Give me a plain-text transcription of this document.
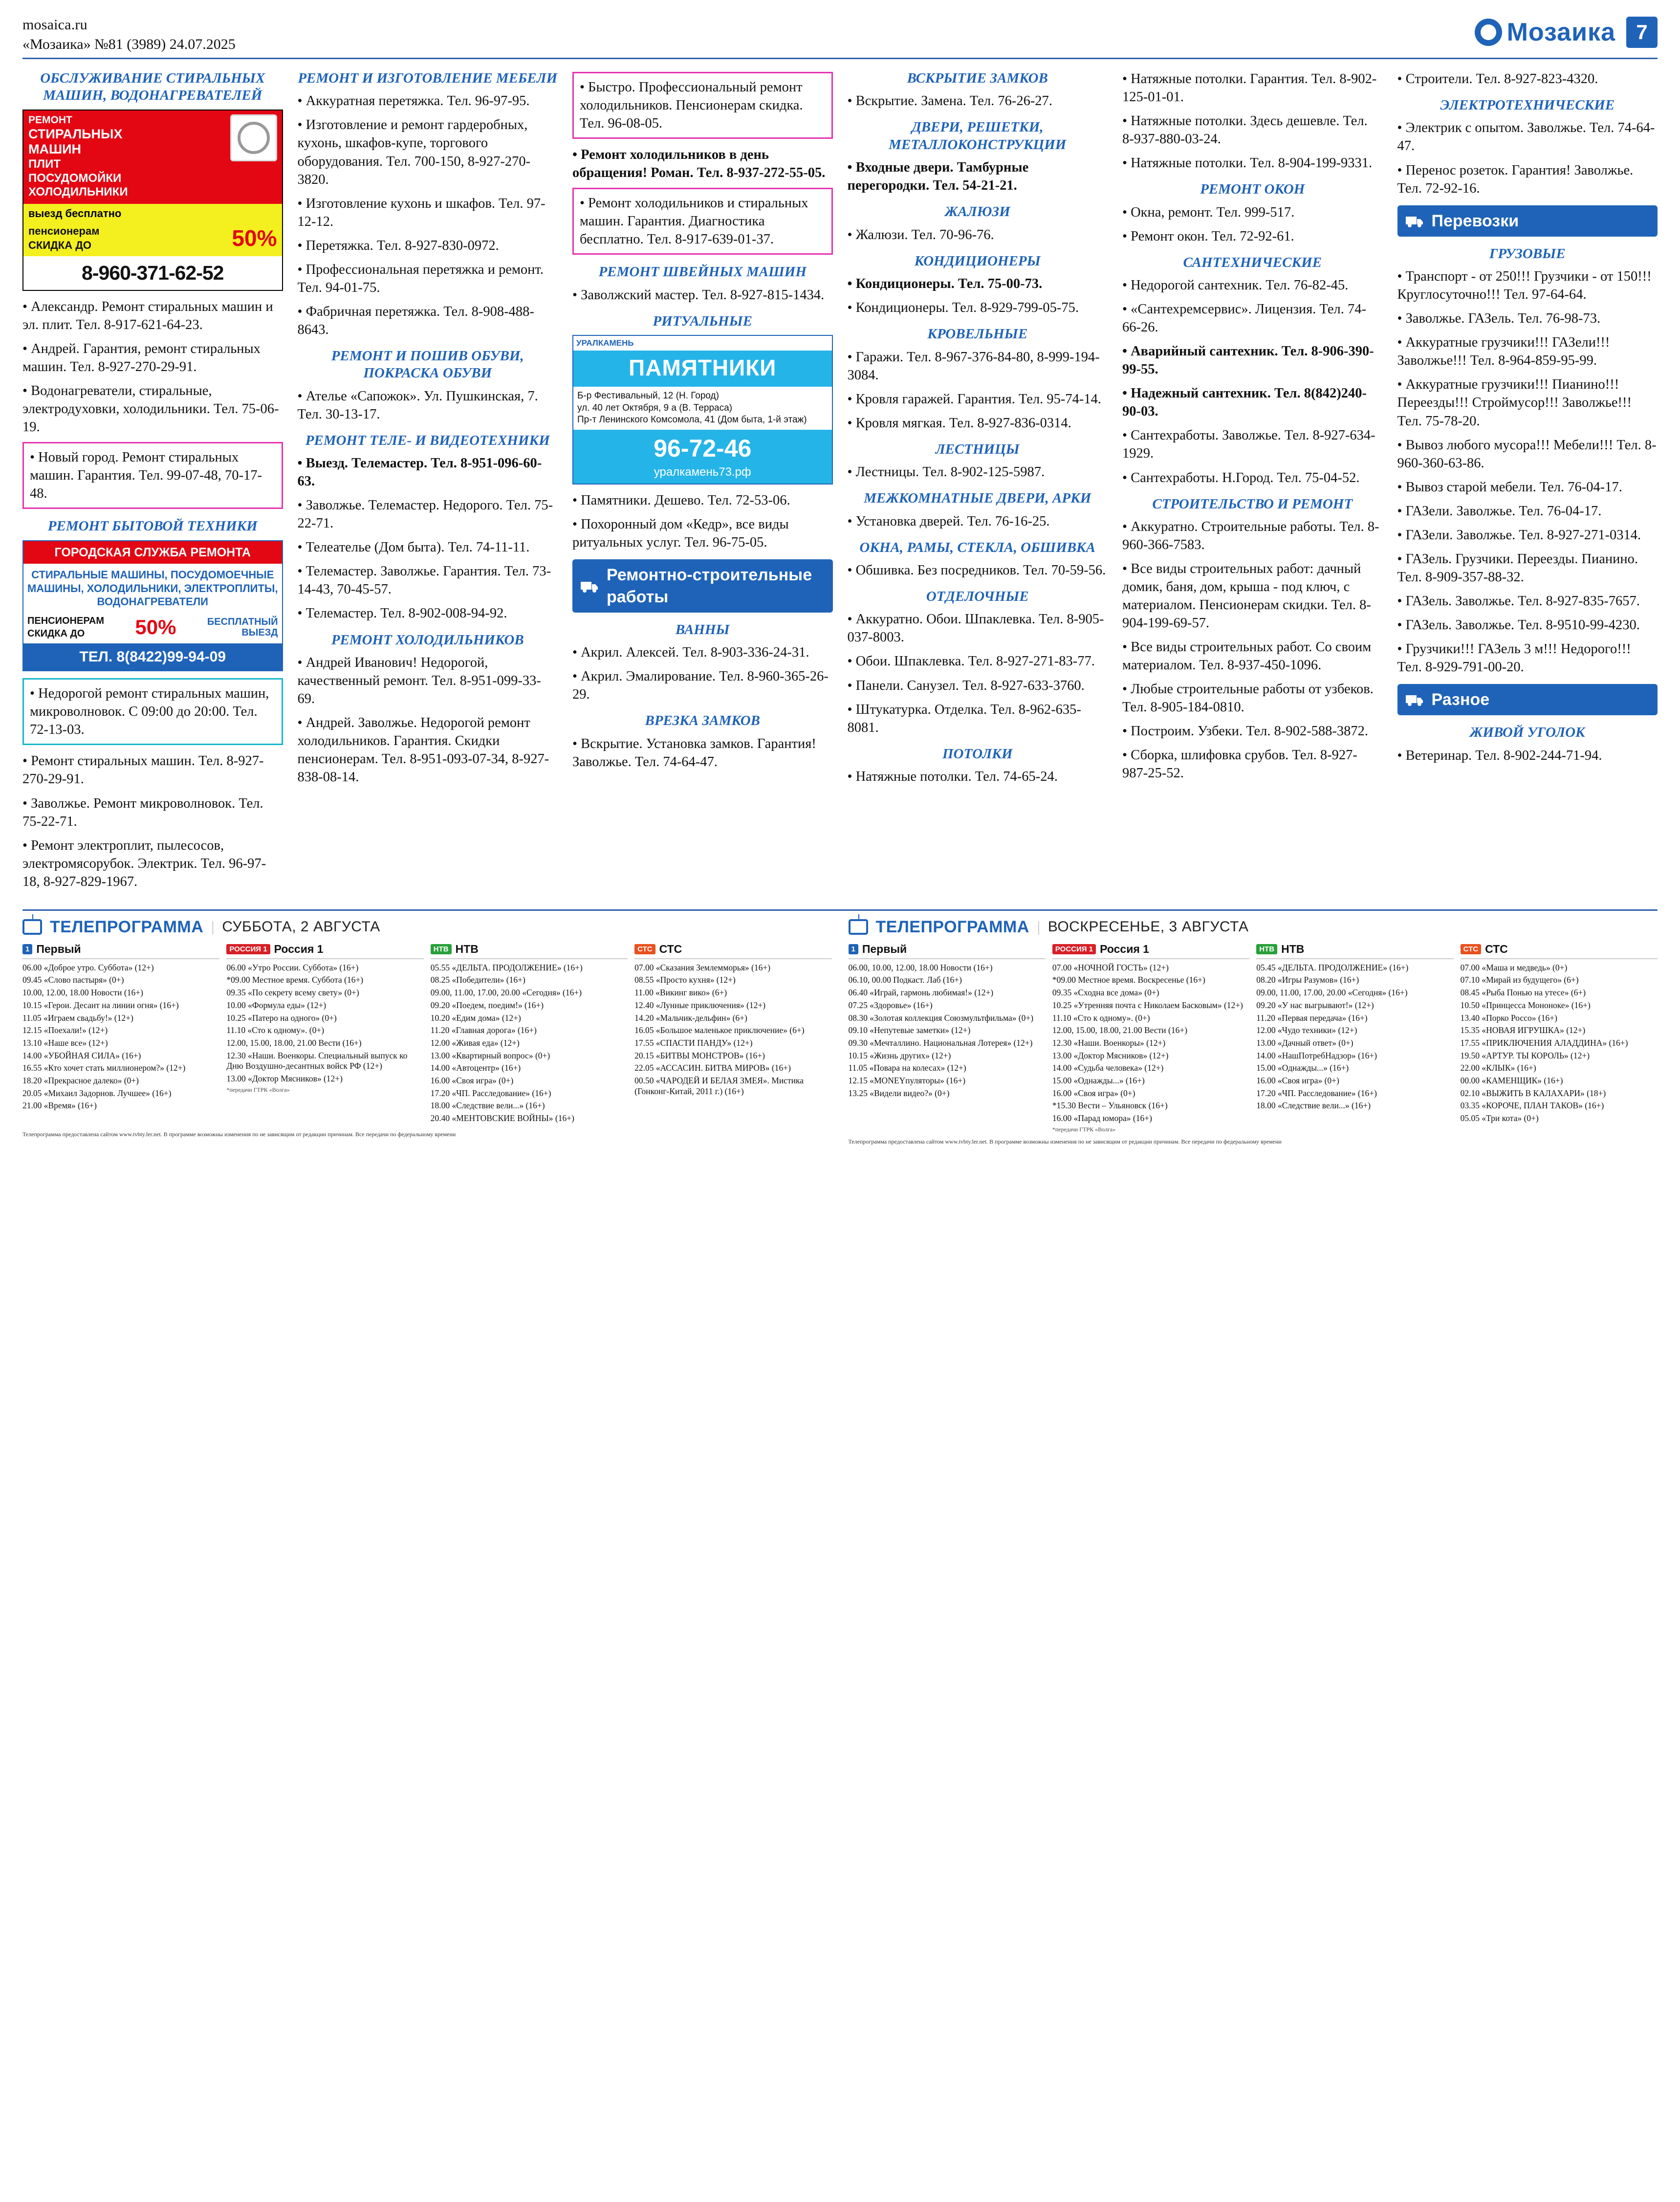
mosaica.ru
«Мозаика» №81 (3989) 24.07.2025	Мозаика	7
ОБСЛУЖИВАНИЕ СТИРАЛЬНЫХ МАШИН, ВОДОНАГРЕВАТЕЛЕЙ
РЕМОНТ
СТИРАЛЬНЫХ
МАШИН
ПЛИТ
ПОСУДОМОЙКИ
ХОЛОДИЛЬНИКИ
выезд бесплатно
пенсионерам
СКИДКА ДО	50%
8-960-371-62-52

• Александр. Ремонт стиральных машин и эл. плит. Тел. 8-917-621-64-23.

• Андрей. Гарантия, ремонт стиральных машин. Тел. 8-927-270-29-91.

• Водонагреватели, стиральные, электродуховки, холодильники. Тел. 75-06-19.

• Новый город. Ремонт стиральных машин. Гарантия. Тел. 99-07-48, 70-17-48.

РЕМОНТ БЫТОВОЙ ТЕХНИКИ
ГОРОДСКАЯ СЛУЖБА РЕМОНТА
СТИРАЛЬНЫЕ МАШИНЫ, ПОСУДОМОЕЧНЫЕ МАШИНЫ, ХОЛОДИЛЬНИКИ, ЭЛЕКТРОПЛИТЫ, ВОДОНАГРЕВАТЕЛИ
ПЕНСИОНЕРАМ
СКИДКА ДО	50%	БЕСПЛАТНЫЙ
ВЫЕЗД
ТЕЛ. 8(8422)99-94-09

• Недорогой ремонт стиральных машин, микроволновок. С 09:00 до 20:00. Тел. 72-13-03.

• Ремонт стиральных машин. Тел. 8-927-270-29-91.

• Заволжье. Ремонт микроволновок. Тел. 75-22-71.

• Ремонт электроплит, пылесосов, электромясорубок. Электрик. Тел. 96-97-18, 8-927-829-1967.

РЕМОНТ И ИЗГОТОВЛЕНИЕ МЕБЕЛИ

• Аккуратная перетяжка. Тел. 96-97-95.

• Изготовление и ремонт гардеробных, кухонь, шкафов-купе, торгового оборудования. Тел. 700-150, 8-927-270-3820.

• Изготовление кухонь и шкафов. Тел. 97-12-12.

• Перетяжка. Тел. 8-927-830-0972.

• Профессиональная перетяжка и ремонт. Тел. 94-01-75.

• Фабричная перетяжка. Тел. 8-908-488-8643.

РЕМОНТ И ПОШИВ ОБУВИ, ПОКРАСКА ОБУВИ

• Ателье «Сапожок». Ул. Пушкинская, 7. Тел. 30-13-17.

РЕМОНТ ТЕЛЕ- И ВИДЕОТЕХНИКИ

• Выезд. Телемастер. Тел. 8-951-096-60-63.

• Заволжье. Телемастер. Недорого. Тел. 75-22-71.

• Телеателье (Дом быта). Тел. 74-11-11.

• Телемастер. Заволжье. Гарантия. Тел. 73-14-43, 70-45-57.

• Телемастер. Тел. 8-902-008-94-92.

РЕМОНТ ХОЛОДИЛЬНИКОВ

• Андрей Иванович! Недорогой, качественный ремонт. Тел. 8-951-099-33-69.

• Андрей. Заволжье. Недорогой ремонт холодильников. Гарантия. Скидки пенсионерам. Тел. 8-951-093-07-34, 8-927-838-08-14.

• Быстро. Профессиональный ремонт холодильников. Пенсионерам скидка. Тел. 96-08-05.

• Ремонт холодильников в день обращения! Роман. Тел. 8-937-272-55-05.

• Ремонт холодильников и стиральных машин. Гарантия. Диагностика бесплатно. Тел. 8-917-639-01-37.

РЕМОНТ ШВЕЙНЫХ МАШИН

• Заволжский мастер. Тел. 8-927-815-1434.

РИТУАЛЬНЫЕ
УРАЛКАМЕНЬ
ПАМЯТНИКИ
Б-р Фестивальный, 12 (Н. Город)
ул. 40 лет Октября, 9 а (В. Терраса)
Пр-т Ленинского Комсомола, 41 (Дом быта, 1-й этаж)
96-72-46
уралкамень73.рф

• Памятники. Дешево. Тел. 72-53-06.

• Похоронный дом «Кедр», все виды ритуальных услуг. Тел. 96-75-05.

Ремонтно-строительные работы
ВАННЫ

• Акрил. Алексей. Тел. 8-903-336-24-31.

• Акрил. Эмалирование. Тел. 8-960-365-26-29.

ВРЕЗКА ЗАМКОВ

• Вскрытие. Установка замков. Гарантия! Заволжье. Тел. 74-64-47.

ВСКРЫТИЕ ЗАМКОВ

• Вскрытие. Замена. Тел. 76-26-27.

ДВЕРИ, РЕШЕТКИ, МЕТАЛЛОКОНСТРУКЦИИ

• Входные двери. Тамбурные перегородки. Тел. 54-21-21.

ЖАЛЮЗИ

• Жалюзи. Тел. 70-96-76.

КОНДИЦИОНЕРЫ

• Кондиционеры. Тел. 75-00-73.

• Кондиционеры. Тел. 8-929-799-05-75.

КРОВЕЛЬНЫЕ

• Гаражи. Тел. 8-967-376-84-80, 8-999-194-3084.

• Кровля гаражей. Гарантия. Тел. 95-74-14.

• Кровля мягкая. Тел. 8-927-836-0314.

ЛЕСТНИЦЫ

• Лестницы. Тел. 8-902-125-5987.

МЕЖКОМНАТНЫЕ ДВЕРИ, АРКИ

• Установка дверей. Тел. 76-16-25.

ОКНА, РАМЫ, СТЕКЛА, ОБШИВКА

• Обшивка. Без посредников. Тел. 70-59-56.

ОТДЕЛОЧНЫЕ

• Аккуратно. Обои. Шпаклевка. Тел. 8-905-037-8003.

• Обои. Шпаклевка. Тел. 8-927-271-83-77.

• Панели. Санузел. Тел. 8-927-633-3760.

• Штукатурка. Отделка. Тел. 8-962-635-8081.

ПОТОЛКИ

• Натяжные потолки. Тел. 74-65-24.

• Натяжные потолки. Гарантия. Тел. 8-902-125-01-01.

• Натяжные потолки. Здесь дешевле. Тел. 8-937-880-03-24.

• Натяжные потолки. Тел. 8-904-199-9331.

РЕМОНТ ОКОН

• Окна, ремонт. Тел. 999-517.

• Ремонт окон. Тел. 72-92-61.

САНТЕХНИЧЕСКИЕ

• Недорогой сантехник. Тел. 76-82-45.

• «Сантехремсервис». Лицензия. Тел. 74-66-26.

• Аварийный сантехник. Тел. 8-906-390-99-55.

• Надежный сантехник. Тел. 8(842)240-90-03.

• Сантехработы. Заволжье. Тел. 8-927-634-1929.

• Сантехработы. Н.Город. Тел. 75-04-52.

СТРОИТЕЛЬСТВО И РЕМОНТ

• Аккуратно. Строительные работы. Тел. 8-960-366-7583.

• Все виды строительных работ: дачный домик, баня, дом, крыша - под ключ, с материалом. Пенсионерам скидки. Тел. 8-904-199-69-57.

• Все виды строительных работ. Со своим материалом. Тел. 8-937-450-1096.

• Любые строительные работы от узбеков. Тел. 8-905-184-0810.

• Построим. Узбеки. Тел. 8-902-588-3872.

• Сборка, шлифовка срубов. Тел. 8-927-987-25-52.

• Строители. Тел. 8-927-823-4320.

ЭЛЕКТРОТЕХНИЧЕСКИЕ

• Электрик с опытом. Заволжье. Тел. 74-64-47.

• Перенос розеток. Гарантия! Заволжье. Тел. 72-92-16.

Перевозки
ГРУЗОВЫЕ

• Транспорт - от 250!!! Грузчики - от 150!!! Круглосуточно!!! Тел. 97-64-64.

• Заволжье. ГАЗель. Тел. 76-98-73.

• Аккуратные грузчики!!! ГАЗели!!! Заволжье!!! Тел. 8-964-859-95-99.

• Аккуратные грузчики!!! Пианино!!! Переезды!!! Строймусор!!! Заволжье!!! Тел. 75-78-20.

• Вывоз любого мусора!!! Мебели!!! Тел. 8-960-360-63-86.

• Вывоз старой мебели. Тел. 76-04-17.

• ГАЗели. Заволжье. Тел. 76-04-17.

• ГАЗели. Заволжье. Тел. 8-927-271-0314.

• ГАЗель. Грузчики. Переезды. Пианино. Тел. 8-909-357-88-32.

• ГАЗель. Заволжье. Тел. 8-927-835-7657.

• ГАЗель. Заволжье. Тел. 8-9510-99-4230.

• Грузчики!!! ГАЗель 3 м!!! Недорого!!! Тел. 8-929-791-00-20.

Разное
ЖИВОЙ УГОЛОК

• Ветеринар. Тел. 8-902-244-71-94.

ТЕЛЕПРОГРАММА | СУББОТА, 2 АВГУСТА
1 Первый
06.00 «Доброе утро. Суббота» (12+)
09.45 «Слово пастыря» (0+)
10.00, 12.00, 18.00 Новости (16+)
10.15 «Герои. Десант на линии огня» (16+)
11.05 «Играем свадьбу!» (12+)
12.15 «Поехали!» (12+)
13.10 «Наше все» (12+)
14.00 «УБОЙНАЯ СИЛА» (16+)
16.55 «Кто хочет стать миллионером?» (12+)
18.20 «Прекрасное далеко» (0+)
20.05 «Михаил Задорнов. Лучшее» (16+)
21.00 «Время» (16+)
РОССИЯ 1 Россия 1
06.00 «Утро России. Суббота» (16+)
*09.00 Местное время. Суббота (16+)
09.35 «По секрету всему свету» (0+)
10.00 «Формула еды» (12+)
10.25 «Патеро на одного» (0+)
11.10 «Сто к одному». (0+)
12.00, 15.00, 18.00, 21.00 Вести (16+)
12.30 «Наши. Военкоры. Специальный выпуск ко Дню Воздушно-десантных войск РФ (12+)
13.00 «Доктор Мясников» (12+)
*передачи ГТРК «Волга»
НТВ НТВ
05.55 «ДЕЛЬТА. ПРОДОЛЖЕНИЕ» (16+)
08.25 «Победители» (16+)
09.00, 11.00, 17.00, 20.00 «Сегодня» (16+)
09.20 «Поедем, поедим!» (16+)
10.20 «Едим дома» (12+)
11.20 «Главная дорога» (16+)
12.00 «Живая еда» (12+)
13.00 «Квартирный вопрос» (0+)
14.00 «Автоцентр» (16+)
16.00 «Своя игра» (0+)
17.20 «ЧП. Расследование» (16+)
18.00 «Следствие вели...» (16+)
20.40 «МЕНТОВСКИЕ ВОЙНЫ» (16+)
СТС СТС
07.00 «Сказания Землемморья» (16+)
08.55 «Просто кухня» (12+)
11.00 «Викинг вико» (6+)
12.40 «Лунные приключения» (12+)
14.20 «Мальчик-дельфин» (6+)
16.05 «Большое маленькое приключение» (6+)
17.55 «СПАСТИ ПАНДУ» (12+)
20.15 «БИТВЫ МОНСТРОВ» (16+)
22.05 «АССАСИН. БИТВА МИРОВ» (16+)
00.50 «ЧАРОДЕЙ И БЕЛАЯ ЗМЕЯ». Мистика (Гонконг-Китай, 2011 г.) (16+)
Телепрограмма предоставлена сайтом www.tvbty.ler.net. В программе возможны изменения по не зависящим от редакции причинам. Все передачи по федеральному времени
ТЕЛЕПРОГРАММА | ВОСКРЕСЕНЬЕ, 3 АВГУСТА
1 Первый
06.00, 10.00, 12.00, 18.00 Новости (16+)
06.10, 00.00 Подкаст. Лаб (16+)
06.40 «Играй, гармонь любимая!» (12+)
07.25 «Здоровье» (16+)
08.30 «Золотая коллекция Союзмультфильма» (0+)
09.10 «Непутевые заметки» (12+)
09.30 «Мечталлино. Национальная Лотерея» (12+)
10.15 «Жизнь других» (12+)
11.05 «Повара на колесах» (12+)
12.15 «MONEYпуляторы» (16+)
13.25 «Видели видео?» (0+)
РОССИЯ 1 Россия 1
07.00 «НОЧНОЙ ГОСТЬ» (12+)
*09.00 Местное время. Воскресенье (16+)
09.35 «Сходна все дома» (0+)
10.25 «Утренняя почта с Николаем Басковым» (12+)
11.10 «Сто к одному». (0+)
12.00, 15.00, 18.00, 21.00 Вести (16+)
12.30 «Наши. Военкоры» (12+)
13.00 «Доктор Мясников» (12+)
14.00 «Судьба человека» (12+)
15.00 «Однажды...» (16+)
16.00 «Своя игра» (0+)
*15.30 Вести – Ульяновск (16+)
16.00 «Парад юмора» (16+)
*передачи ГТРК «Волга»
НТВ НТВ
05.45 «ДЕЛЬТА. ПРОДОЛЖЕНИЕ» (16+)
08.20 «Игры Разумов» (16+)
09.00, 11.00, 17.00, 20.00 «Сегодня» (16+)
09.20 «У нас выгрывают!» (12+)
11.20 «Первая передача» (16+)
12.00 «Чудо техники» (12+)
13.00 «Дачный ответ» (0+)
14.00 «НашПотребНадзор» (16+)
15.00 «Однажды...» (16+)
16.00 «Своя игра» (0+)
17.20 «ЧП. Расследование» (16+)
18.00 «Следствие вели...» (16+)
СТС СТС
07.00 «Маша и медведь» (0+)
07.10 «Мирай из будущего» (6+)
08.45 «Рыба Понью на утесе» (6+)
10.50 «Принцесса Мононоке» (16+)
13.40 «Порко Россо» (16+)
15.35 «НОВАЯ ИГРУШКА» (12+)
17.55 «ПРИКЛЮЧЕНИЯ АЛАДДИНА» (16+)
19.50 «АРТУР. ТЫ КОРОЛЬ» (12+)
22.00 «КЛЫК» (16+)
00.00 «КАМЕНЩИК» (16+)
02.10 «ВЫЖИТЬ В КАЛАХАРИ» (18+)
03.35 «КОРОЧЕ, ПЛАН ТАКОВ» (16+)
05.05 «Три кота» (0+)
Телепрограмма предоставлена сайтом www.tvbty.ler.net. В программе возможны изменения по не зависящим от редакции причинам. Все передачи по федеральному времени
